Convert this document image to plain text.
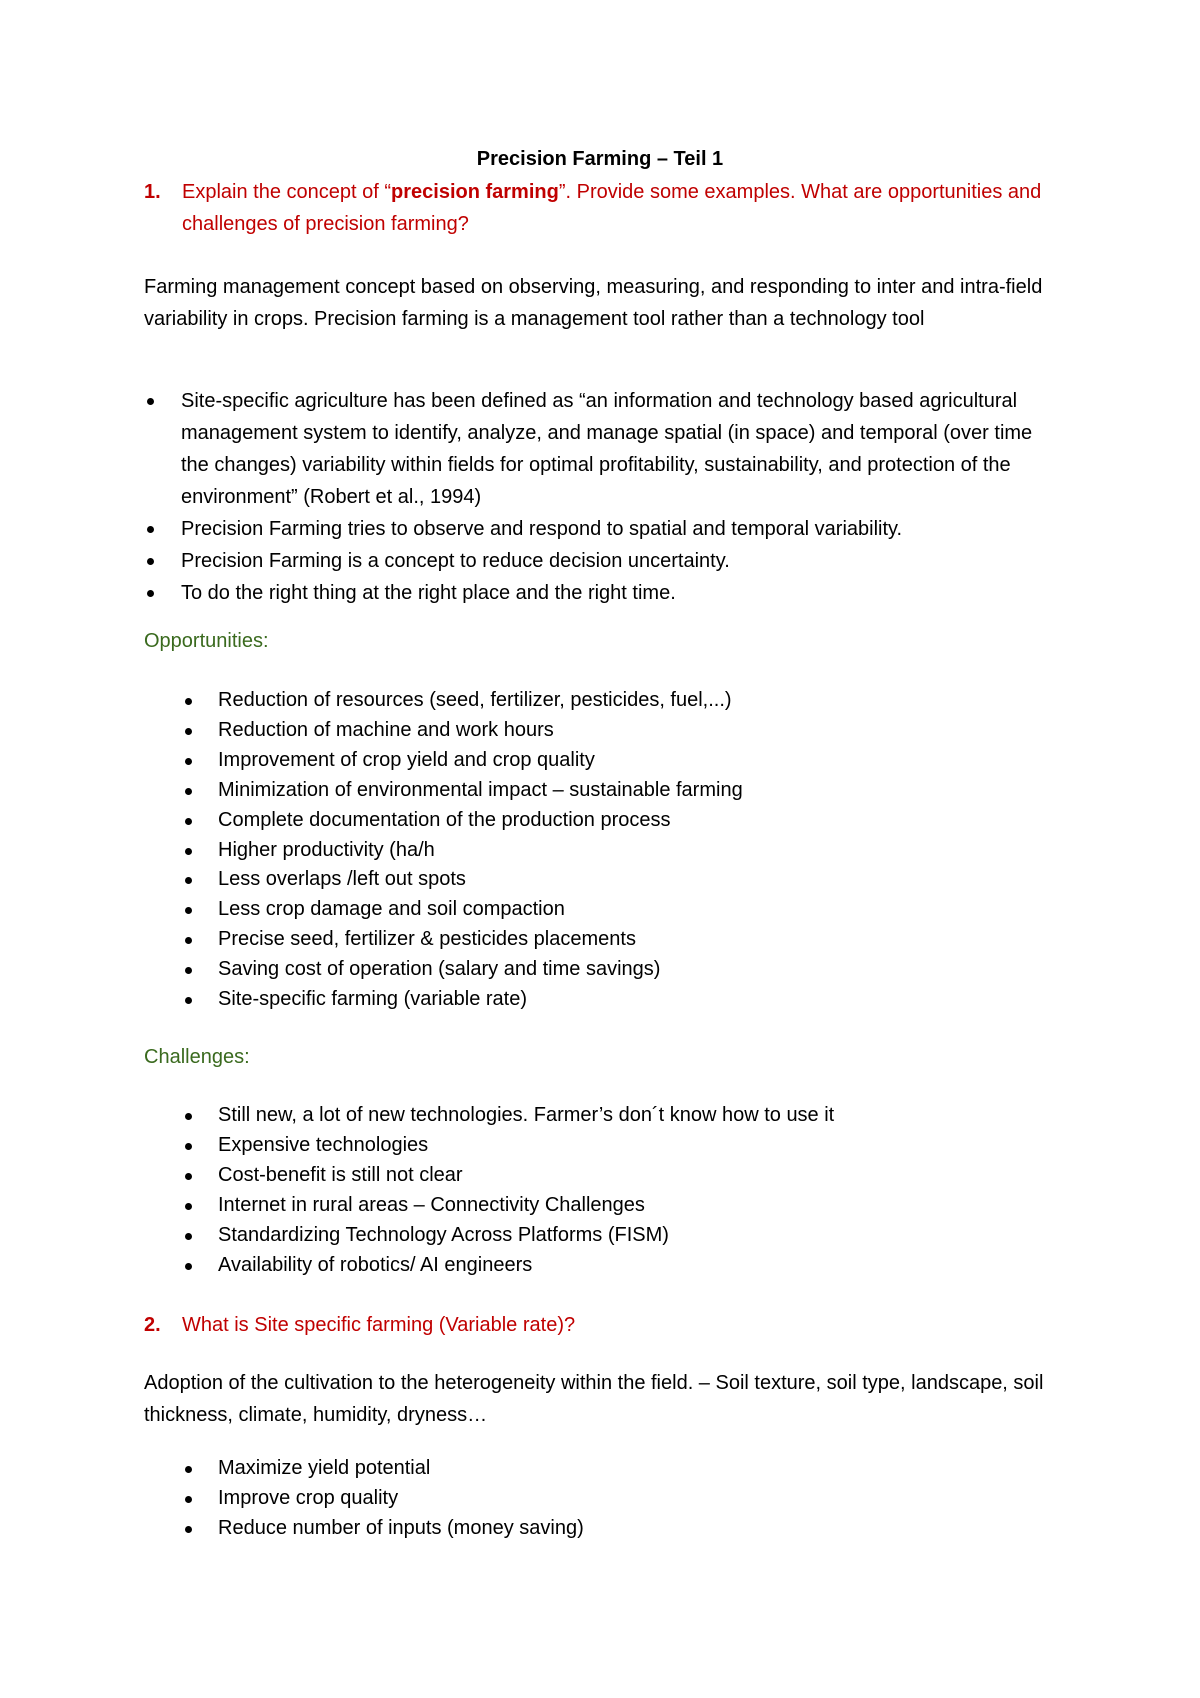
Precision Farming – Teil 1
1. Explain the concept of “precision farming”. Provide some examples. What are opportunities and challenges of precision farming?
Farming management concept based on observing, measuring, and responding to inter and intra-field variability in crops. Precision farming is a management tool rather than a technology tool
Site-specific agriculture has been defined as “an information and technology based agricultural management system to identify, analyze, and manage spatial (in space) and temporal (over time the changes) variability within fields for optimal profitability, sustainability, and protection of the environment” (Robert et al., 1994)
Precision Farming tries to observe and respond to spatial and temporal variability.
Precision Farming is a concept to reduce decision uncertainty.
To do the right thing at the right place and the right time.
Opportunities:
Reduction of resources (seed, fertilizer, pesticides, fuel,...)
Reduction of machine and work hours
Improvement of crop yield and crop quality
Minimization of environmental impact – sustainable farming
Complete documentation of the production process
Higher productivity (ha/h
Less overlaps /left out spots
Less crop damage and soil compaction
Precise seed, fertilizer & pesticides placements
Saving cost of operation (salary and time savings)
Site-specific farming (variable rate)
Challenges:
Still new, a lot of new technologies. Farmer’s don´t know how to use it
Expensive technologies
Cost-benefit is still not clear
Internet in rural areas – Connectivity Challenges
Standardizing Technology Across Platforms (FISM)
Availability of robotics/ AI engineers
2. What is Site specific farming (Variable rate)?
Adoption of the cultivation to the heterogeneity within the field. – Soil texture, soil type, landscape, soil thickness, climate, humidity, dryness…
Maximize yield potential
Improve crop quality
Reduce number of inputs (money saving)
